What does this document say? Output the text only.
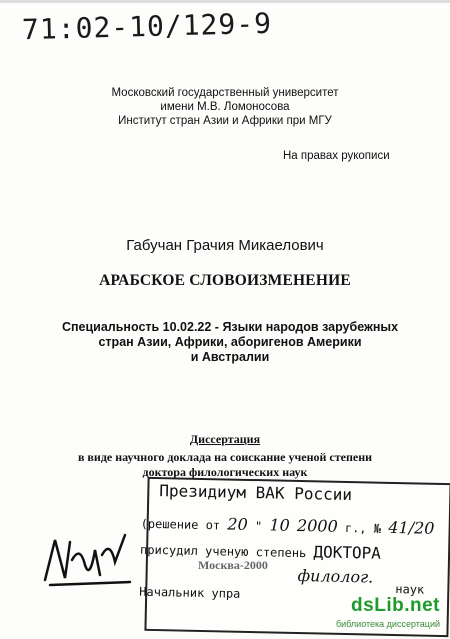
71:02-10/129-9
Московский государственный университет
имени М.В. Ломоносова
Институт стран Азии и Африки при МГУ
На правах рукописи
Габучан Грачия Микаелович
АРАБСКОЕ СЛОВОИЗМЕНЕНИЕ
Специальность 10.02.22 - Языки народов зарубежных
стран Азии, Африки, аборигенов Америки
и Австралии
Диссертация
в виде научного доклада на соискание ученой степени
доктора филологических наук
Москва-2000
Президиум ВАК России
(решение от 20 " 10 2000 г., № 41/20
присудил ученую степень ДОКТОРА
филолог.
наук
Начальник упра
dsLib.net
библиотека диссертаций
